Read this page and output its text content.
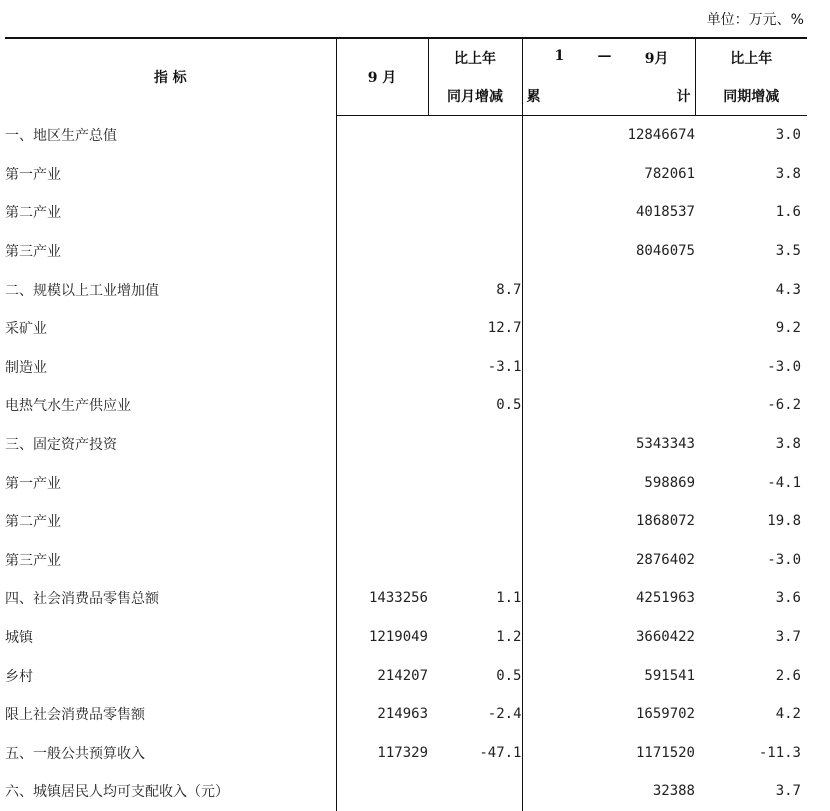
单位：万元、%
指 标	9 月	比上年	1 — 9月	比上年
		同月增减	累 计	同期增减
一、地区生产总值			12846674	3.0
第一产业			782061	3.8
第二产业			4018537	1.6
第三产业			8046075	3.5
二、规模以上工业增加值		8.7		4.3
采矿业		12.7		9.2
制造业		-3.1		-3.0
电热气水生产供应业		0.5		-6.2
三、固定资产投资			5343343	3.8
第一产业			598869	-4.1
第二产业			1868072	19.8
第三产业			2876402	-3.0
四、社会消费品零售总额	1433256	1.1	4251963	3.6
城镇	1219049	1.2	3660422	3.7
乡村	214207	0.5	591541	2.6
限上社会消费品零售额	214963	-2.4	1659702	4.2
五、一般公共预算收入	117329	-47.1	1171520	-11.3
六、城镇居民人均可支配收入（元）			32388	3.7
